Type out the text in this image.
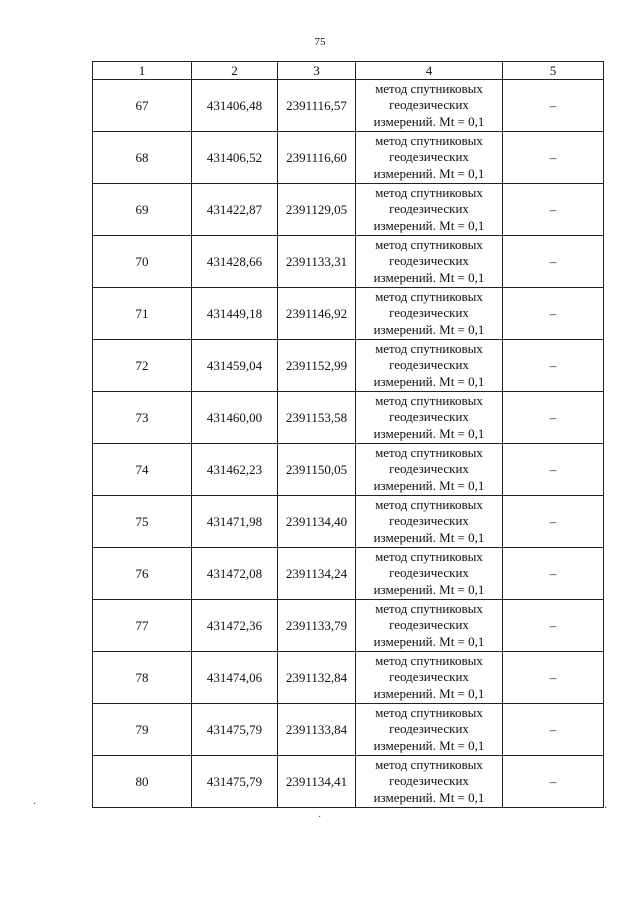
75
1	2	3	4	5
67	431406,48	2391116,57	метод спутниковых
геодезических
измерений. Mt = 0,1	–
68	431406,52	2391116,60	метод спутниковых
геодезических
измерений. Mt = 0,1	–
69	431422,87	2391129,05	метод спутниковых
геодезических
измерений. Mt = 0,1	–
70	431428,66	2391133,31	метод спутниковых
геодезических
измерений. Mt = 0,1	–
71	431449,18	2391146,92	метод спутниковых
геодезических
измерений. Mt = 0,1	–
72	431459,04	2391152,99	метод спутниковых
геодезических
измерений. Mt = 0,1	–
73	431460,00	2391153,58	метод спутниковых
геодезических
измерений. Mt = 0,1	–
74	431462,23	2391150,05	метод спутниковых
геодезических
измерений. Mt = 0,1	–
75	431471,98	2391134,40	метод спутниковых
геодезических
измерений. Mt = 0,1	–
76	431472,08	2391134,24	метод спутниковых
геодезических
измерений. Mt = 0,1	–
77	431472,36	2391133,79	метод спутниковых
геодезических
измерений. Mt = 0,1	–
78	431474,06	2391132,84	метод спутниковых
геодезических
измерений. Mt = 0,1	–
79	431475,79	2391133,84	метод спутниковых
геодезических
измерений. Mt = 0,1	–
80	431475,79	2391134,41	метод спутниковых
геодезических
измерений. Mt = 0,1	–
·
·
·
